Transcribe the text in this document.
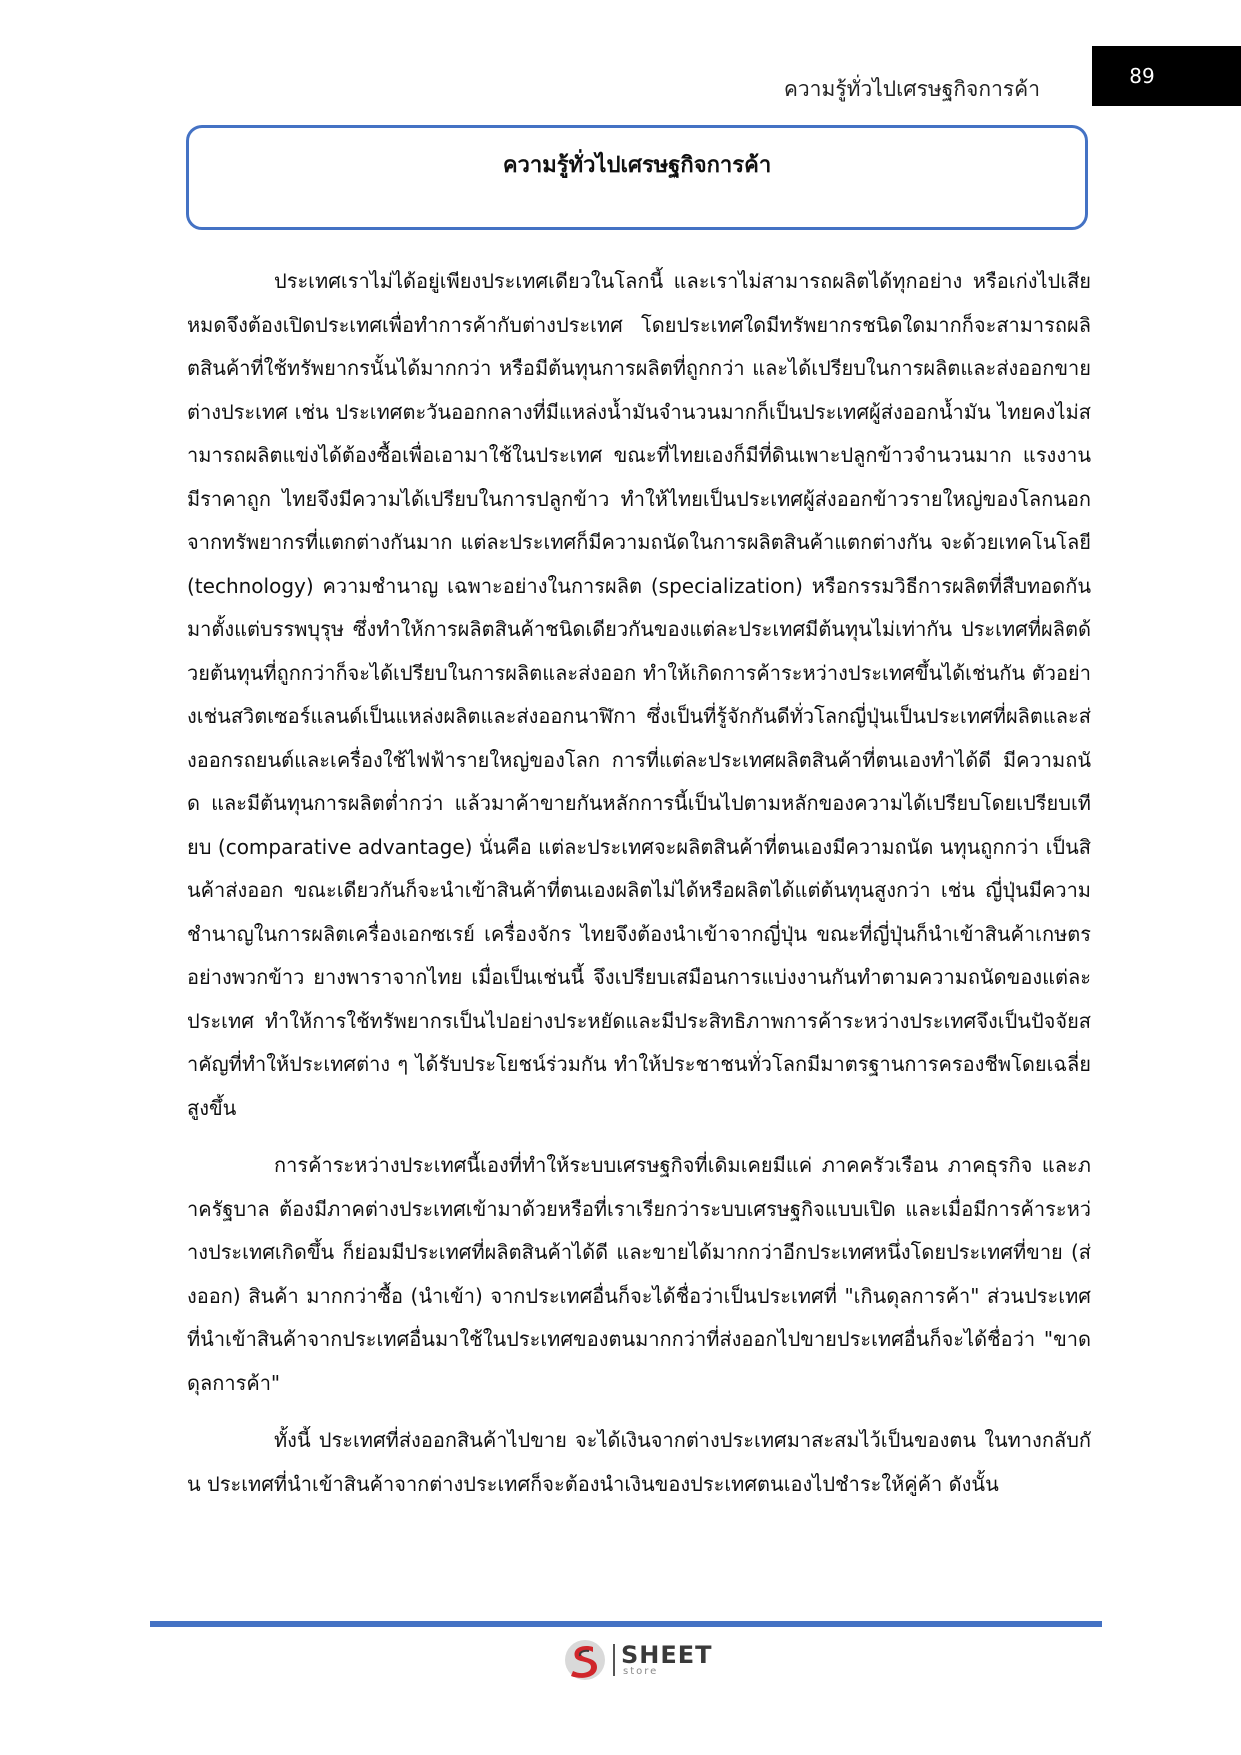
ความรู้ทั่วไปเศรษฐกิจการค้า
89
ความรู้ทั่วไปเศรษฐกิจการค้า

ประเทศเราไม่ได้อยู่เพียงประเทศเดียวในโลกนี้ และเราไม่สามารถผลิตได้ทุกอย่าง หรือเก่งไปเสียหมดจึงต้องเปิดประเทศเพื่อทำการค้ากับต่างประเทศ โดยประเทศใดมีทรัพยากรชนิดใดมากก็จะสามารถผลิตสินค้าที่ใช้ทรัพยากรนั้นได้มากกว่า หรือมีต้นทุนการผลิตที่ถูกกว่า และได้เปรียบในการผลิตและส่งออกขายต่างประเทศ เช่น ประเทศตะวันออกกลางที่มีแหล่งน้ำมันจำนวนมากก็เป็นประเทศผู้ส่งออกน้ำมัน ไทยคงไม่สามารถผลิตแข่งได้ต้องซื้อเพื่อเอามาใช้ในประเทศ ขณะที่ไทยเองก็มีที่ดินเพาะปลูกข้าวจำนวนมาก แรงงานมีราคาถูก ไทยจึงมีความได้เปรียบในการปลูกข้าว ทำให้ไทยเป็นประเทศผู้ส่งออกข้าวรายใหญ่ของโลกนอกจากทรัพยากรที่แตกต่างกันมาก แต่ละประเทศก็มีความถนัดในการผลิตสินค้าแตกต่างกัน จะด้วยเทคโนโลยี (technology) ความชำนาญ เฉพาะอย่างในการผลิต (specialization) หรือกรรมวิธีการผลิตที่สืบทอดกันมาตั้งแต่บรรพบุรุษ ซึ่งทำให้การผลิตสินค้าชนิดเดียวกันของแต่ละประเทศมีต้นทุนไม่เท่ากัน ประเทศที่ผลิตด้วยต้นทุนที่ถูกกว่าก็จะได้เปรียบในการผลิตและส่งออก ทำให้เกิดการค้าระหว่างประเทศขึ้นได้เช่นกัน ตัวอย่างเช่นสวิตเซอร์แลนด์เป็นแหล่งผลิตและส่งออกนาฬิกา ซึ่งเป็นที่รู้จักกันดีทั่วโลกญี่ปุ่นเป็นประเทศที่ผลิตและส่งออกรถยนต์และเครื่องใช้ไฟฟ้ารายใหญ่ของโลก การที่แต่ละประเทศผลิตสินค้าที่ตนเองทำได้ดี มีความถนัด และมีต้นทุนการผลิตต่ำกว่า แล้วมาค้าขายกันหลักการนี้เป็นไปตามหลักของความได้เปรียบโดยเปรียบเทียบ (comparative advantage) นั่นคือ แต่ละประเทศจะผลิตสินค้าที่ตนเองมีความถนัด นทุนถูกกว่า เป็นสินค้าส่งออก ขณะเดียวกันก็จะนำเข้าสินค้าที่ตนเองผลิตไม่ได้หรือผลิตได้แต่ต้นทุนสูงกว่า เช่น ญี่ปุ่นมีความชำนาญในการผลิตเครื่องเอกซเรย์ เครื่องจักร ไทยจึงต้องนำเข้าจากญี่ปุ่น ขณะที่ญี่ปุ่นก็นำเข้าสินค้าเกษตรอย่างพวกข้าว ยางพาราจากไทย เมื่อเป็นเช่นนี้ จึงเปรียบเสมือนการแบ่งงานกันทำตามความถนัดของแต่ละประเทศ ทำให้การใช้ทรัพยากรเป็นไปอย่างประหยัดและมีประสิทธิภาพการค้าระหว่างประเทศจึงเป็นปัจจัยสำคัญที่ทำให้ประเทศต่าง ๆ ได้รับประโยชน์ร่วมกัน ทำให้ประชาชนทั่วโลกมีมาตรฐานการครองชีพโดยเฉลี่ยสูงขึ้น

การค้าระหว่างประเทศนี้เองที่ทำให้ระบบเศรษฐกิจที่เดิมเคยมีแค่ ภาคครัวเรือน ภาคธุรกิจ และภาครัฐบาล ต้องมีภาคต่างประเทศเข้ามาด้วยหรือที่เราเรียกว่าระบบเศรษฐกิจแบบเปิด และเมื่อมีการค้าระหว่างประเทศเกิดขึ้น ก็ย่อมมีประเทศที่ผลิตสินค้าได้ดี และขายได้มากกว่าอีกประเทศหนึ่งโดยประเทศที่ขาย (ส่งออก) สินค้า มากกว่าซื้อ (นำเข้า) จากประเทศอื่นก็จะได้ชื่อว่าเป็นประเทศที่ "เกินดุลการค้า" ส่วนประเทศที่นำเข้าสินค้าจากประเทศอื่นมาใช้ในประเทศของตนมากกว่าที่ส่งออกไปขายประเทศอื่นก็จะได้ชื่อว่า "ขาดดุลการค้า"

ทั้งนี้ ประเทศที่ส่งออกสินค้าไปขาย จะได้เงินจากต่างประเทศมาสะสมไว้เป็นของตน ในทางกลับกัน ประเทศที่นำเข้าสินค้าจากต่างประเทศก็จะต้องนำเงินของประเทศตนเองไปชำระให้คู่ค้า ดังนั้น

SHEET
store
